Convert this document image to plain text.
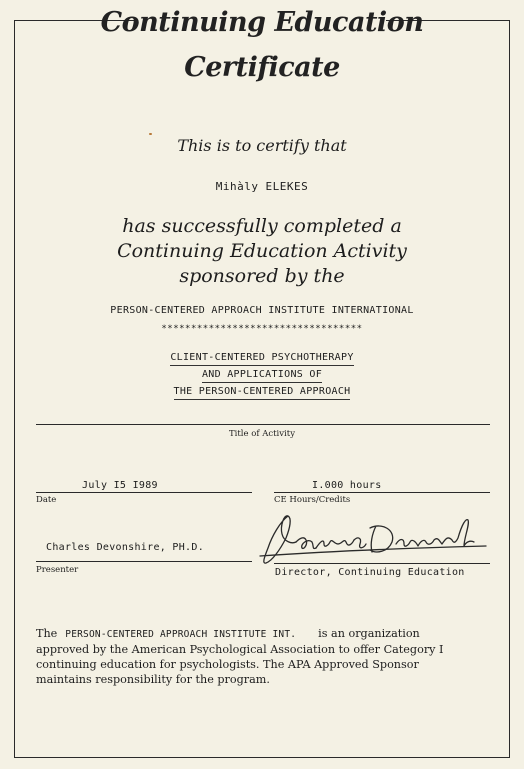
Continuing Education
Certificate
This is to certify that
Mihàly ELEKES
has successfully completed a
Continuing Education Activity
sponsored by the
PERSON-CENTERED APPROACH INSTITUTE INTERNATIONAL
**********************************
CLIENT-CENTERED PSYCHOTHERAPY
AND APPLICATIONS OF
THE PERSON-CENTERED APPROACH
Title of Activity
July I5 I989
Date
I.000 hours
CE Hours/Credits
Charles Devonshire, PH.D.
Presenter	Director, Continuing Education
The PERSON-CENTERED APPROACH INSTITUTE INT. is an organization
approved by the American Psychological Association to offer Category I
continuing education for psychologists. The APA Approved Sponsor
maintains responsibility for the program.
